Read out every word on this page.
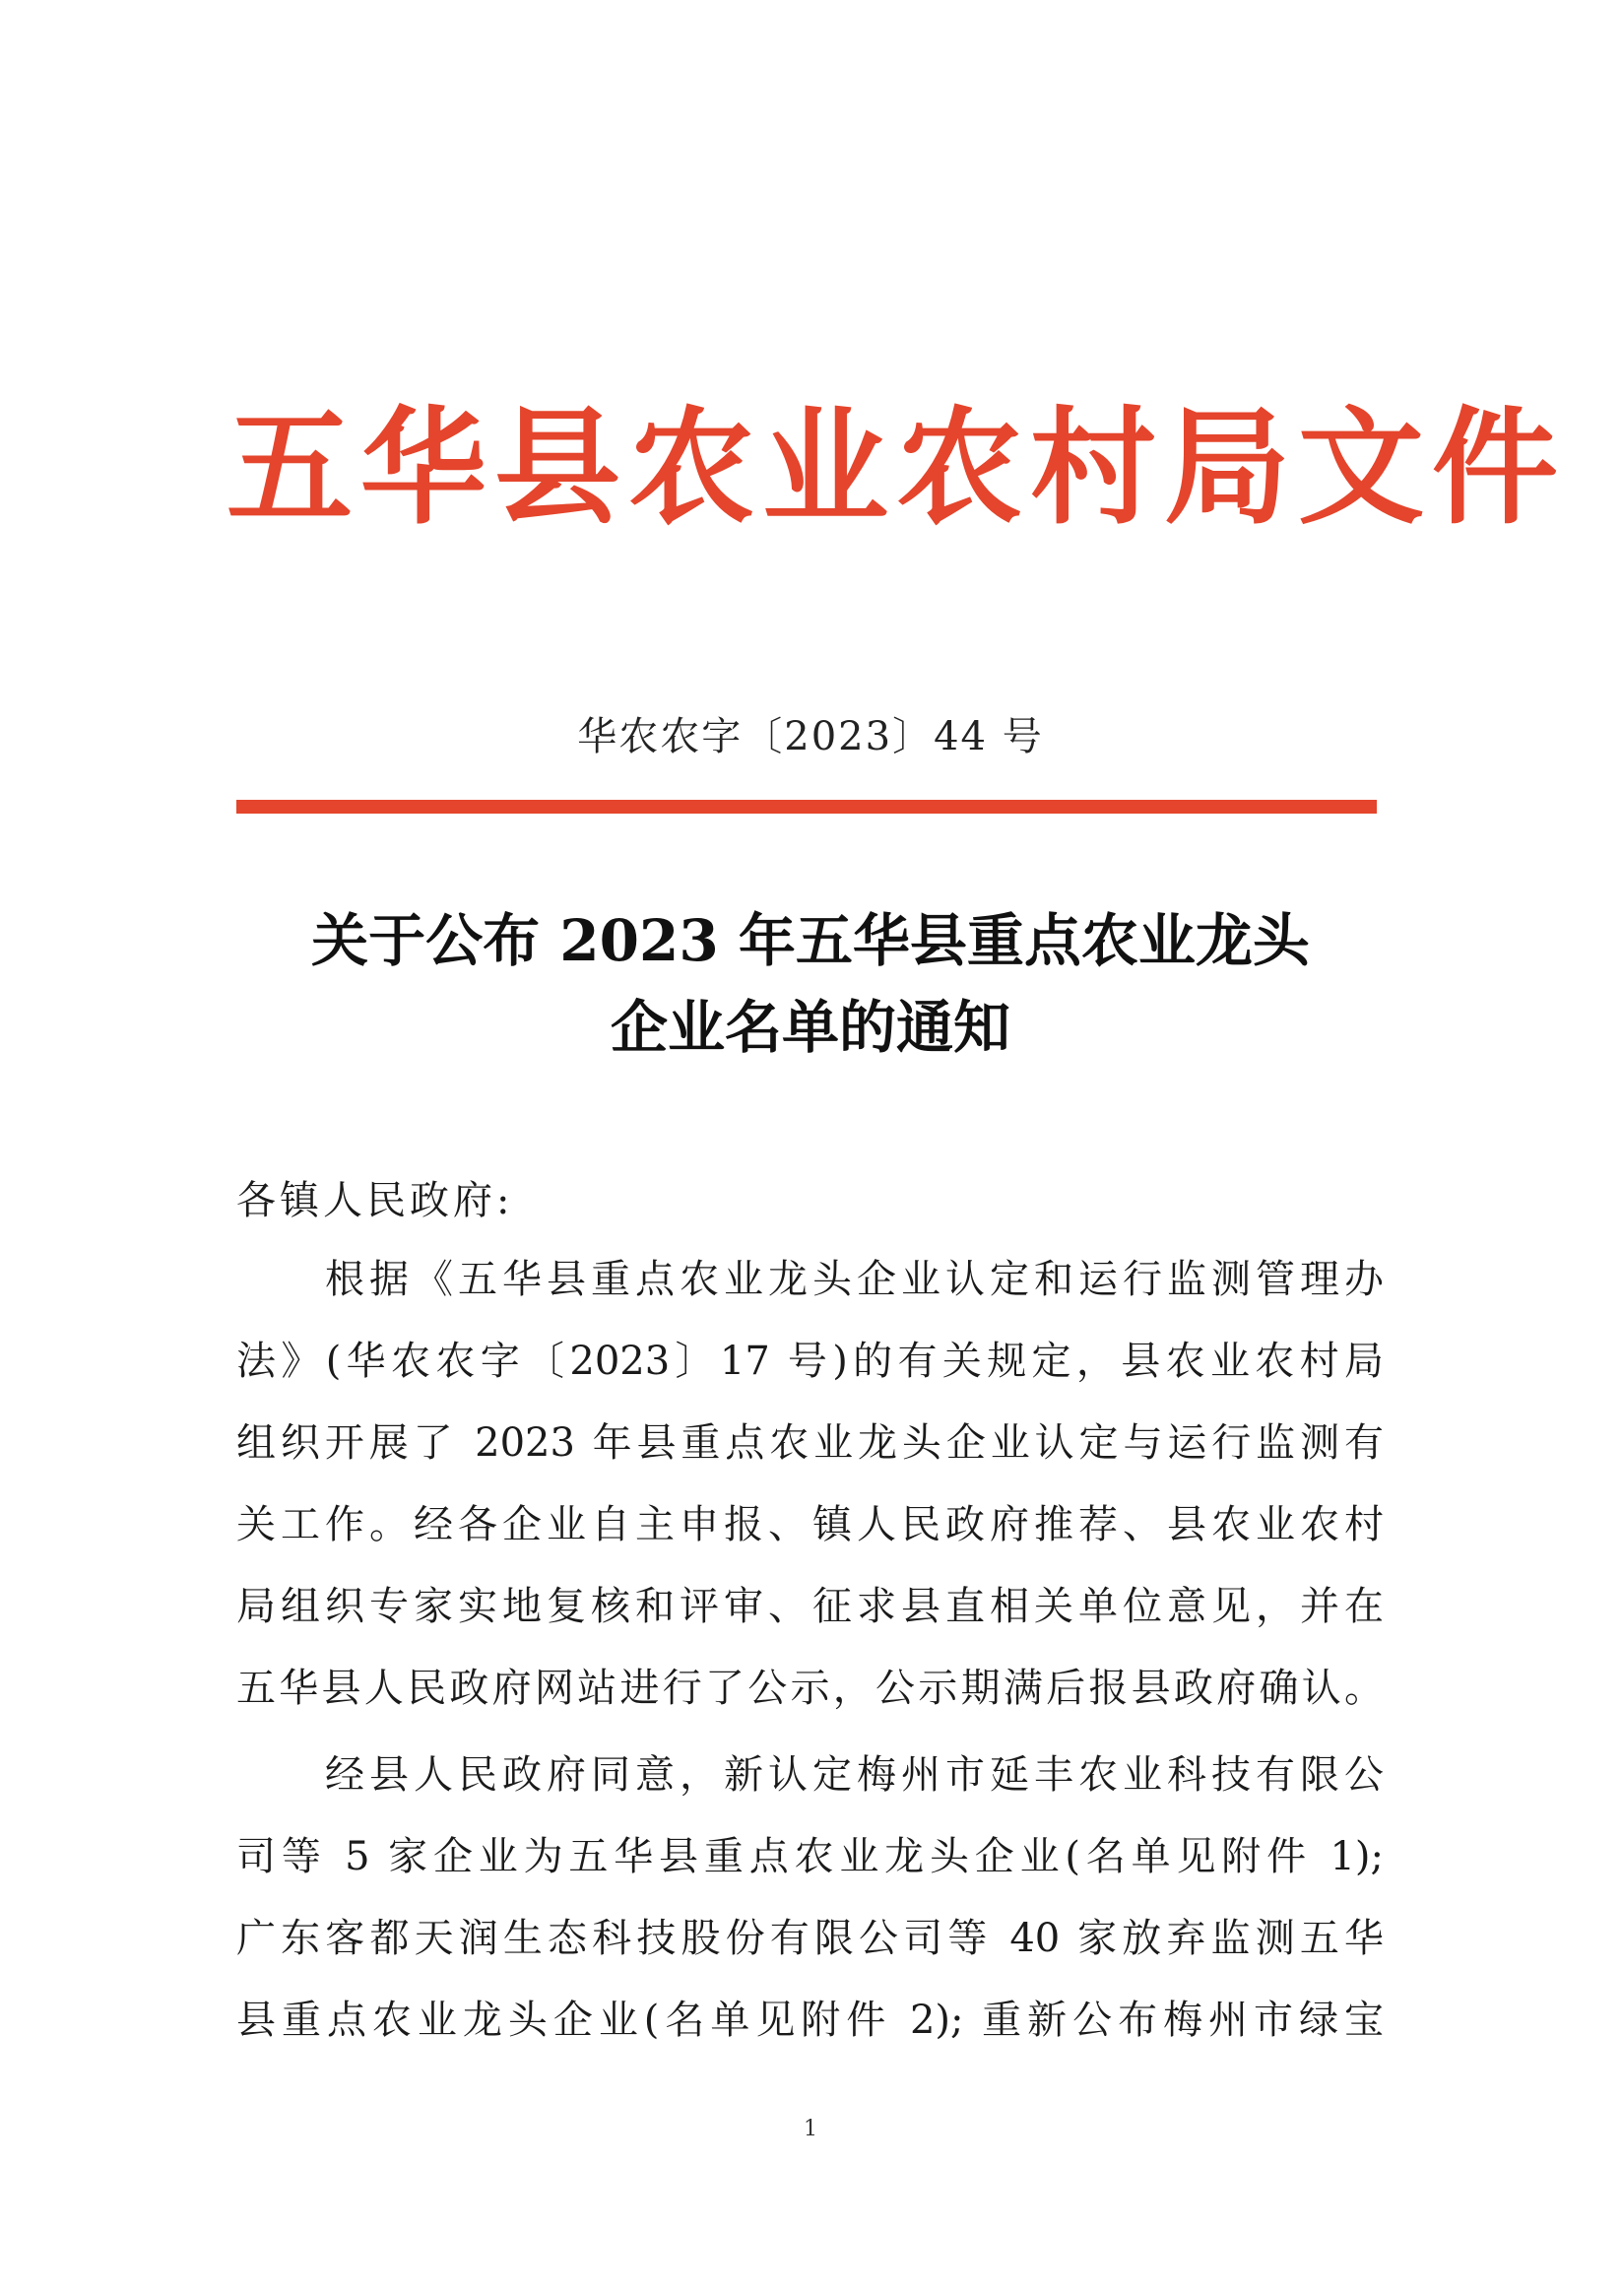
五华县农业农村局文件
华农农字〔2023〕44 号
关于公布 2023 年五华县重点农业龙头
企业名单的通知
各镇人民政府:
根据《五华县重点农业龙头企业认定和运行监测管理办
法》(华农农字〔2023〕17 号)的有关规定，县农业农村局
组织开展了 2023 年县重点农业龙头企业认定与运行监测有
关工作。经各企业自主申报、镇人民政府推荐、县农业农村
局组织专家实地复核和评审、征求县直相关单位意见，并在
五华县人民政府网站进行了公示，公示期满后报县政府确认。
经县人民政府同意，新认定梅州市延丰农业科技有限公
司等 5 家企业为五华县重点农业龙头企业(名单见附件 1);
广东客都天润生态科技股份有限公司等 40 家放弃监测五华
县重点农业龙头企业(名单见附件 2); 重新公布梅州市绿宝
1
